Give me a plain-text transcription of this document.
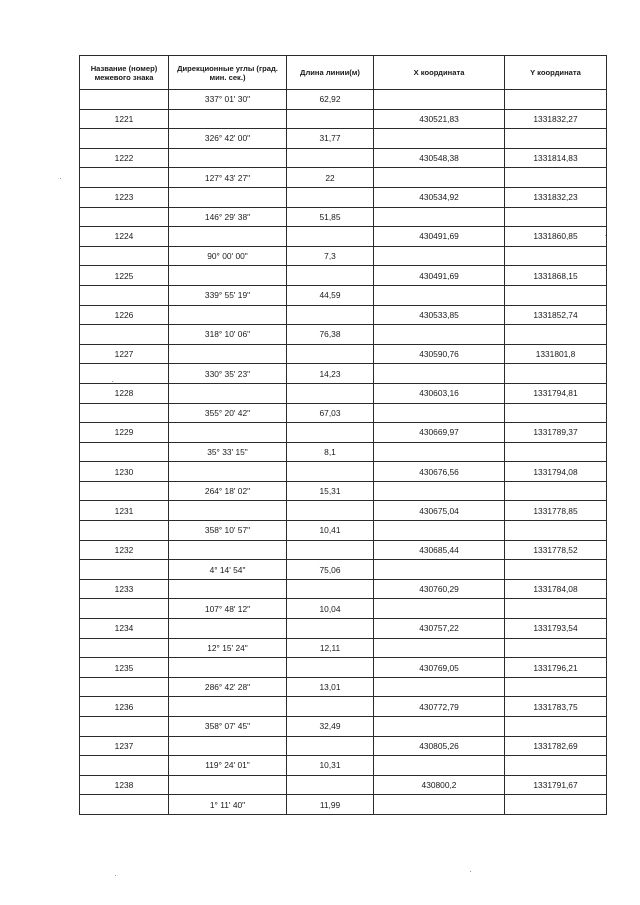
Название (номер) межевого знака	Дирекционные углы (град. мин. сек.)	Длина линии(м)	X координата	Y координата
	337° 01' 30"	62,92		
1221			430521,83	1331832,27
	326° 42' 00"	31,77		
1222			430548,38	1331814,83
	127° 43' 27"	22		
1223			430534,92	1331832,23
	146° 29' 38"	51,85		
1224			430491,69	1331860,85
	90° 00' 00"	7,3		
1225			430491,69	1331868,15
	339° 55' 19"	44,59		
1226			430533,85	1331852,74
	318° 10' 06"	76,38		
1227			430590,76	1331801,8
	330° 35' 23"	14,23		
1228			430603,16	1331794,81
	355° 20' 42"	67,03		
1229			430669,97	1331789,37
	35° 33' 15"	8,1		
1230			430676,56	1331794,08
	264° 18' 02"	15,31		
1231			430675,04	1331778,85
	358° 10' 57"	10,41		
1232			430685,44	1331778,52
	4° 14' 54"	75,06		
1233			430760,29	1331784,08
	107° 48' 12"	10,04		
1234			430757,22	1331793,54
	12° 15' 24"	12,11		
1235			430769,05	1331796,21
	286° 42' 28"	13,01		
1236			430772,79	1331783,75
	358° 07' 45"	32,49		
1237			430805,26	1331782,69
	119° 24' 01"	10,31		
1238			430800,2	1331791,67
	1° 11' 40"	11,99		
